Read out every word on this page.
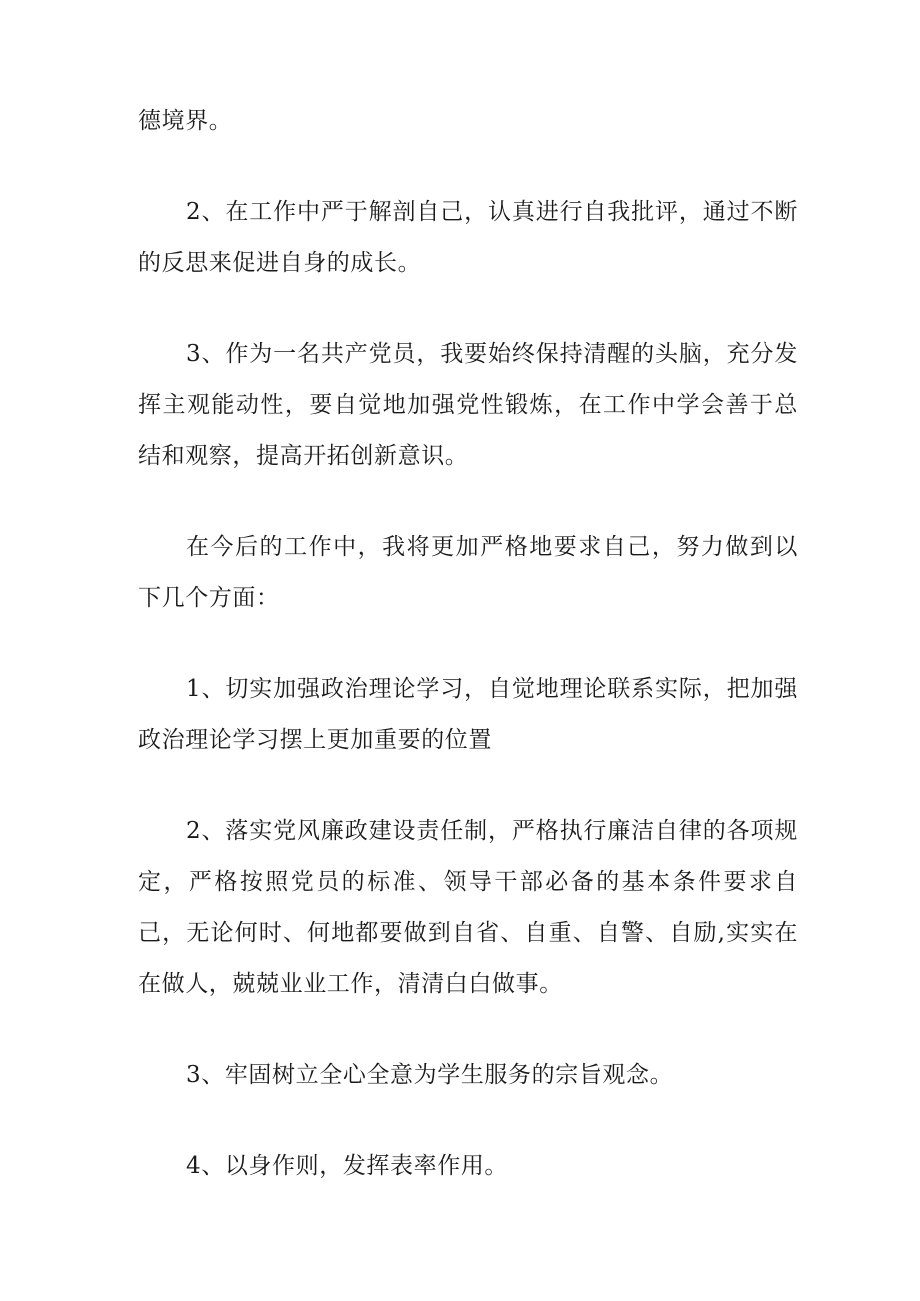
德境界。

2、在工作中严于解剖自己，认真进行自我批评，通过不断的反思来促进自身的成长。

3、作为一名共产党员，我要始终保持清醒的头脑，充分发挥主观能动性，要自觉地加强党性锻炼，在工作中学会善于总结和观察，提高开拓创新意识。

在今后的工作中，我将更加严格地要求自己，努力做到以下几个方面：

1、切实加强政治理论学习，自觉地理论联系实际，把加强政治理论学习摆上更加重要的位置

2、落实党风廉政建设责任制，严格执行廉洁自律的各项规定，严格按照党员的标准、领导干部必备的基本条件要求自己，无论何时、何地都要做到自省、自重、自警、自励,实实在在做人，兢兢业业工作，清清白白做事。

3、牢固树立全心全意为学生服务的宗旨观念。

4、以身作则，发挥表率作用。
